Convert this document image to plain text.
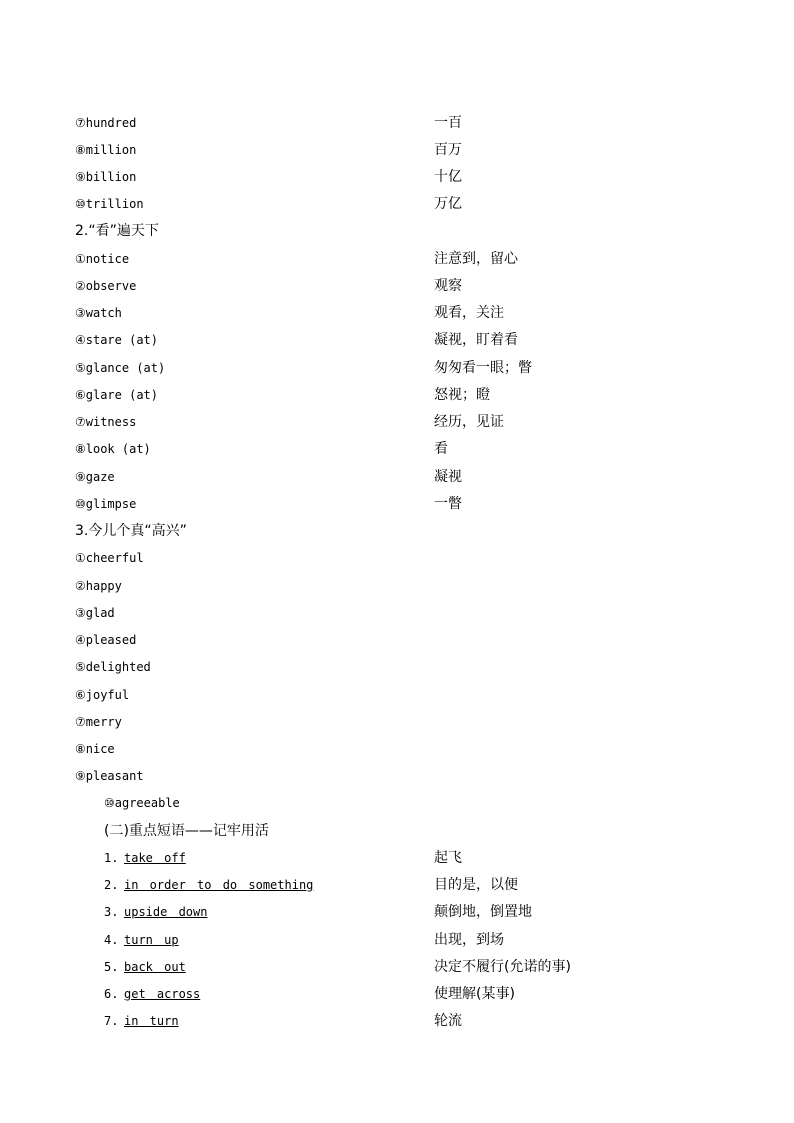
⑦hundred	一百
⑧million	百万
⑨billion	十亿
⑩trillion	万亿
2.“看”遍天下
①notice	注意到，留心
②observe	观察
③watch	观看，关注
④stare (at)	凝视，盯着看
⑤glance (at)	匆匆看一眼；瞥
⑥glare (at)	怒视；瞪
⑦witness	经历，见证
⑧look (at)	看
⑨gaze	凝视
⑩glimpse	一瞥
3.今儿个真“高兴”
①cheerful
②happy
③glad
④pleased
⑤delighted
⑥joyful
⑦merry
⑧nice
⑨pleasant
⑩agreeable
(二)重点短语——记牢用活
1. take off	起飞
2. in order to do something	目的是，以便
3. upside down	颠倒地，倒置地
4. turn up	出现，到场
5. back out	决定不履行(允诺的事)
6. get across	使理解(某事)
7. in turn	轮流
